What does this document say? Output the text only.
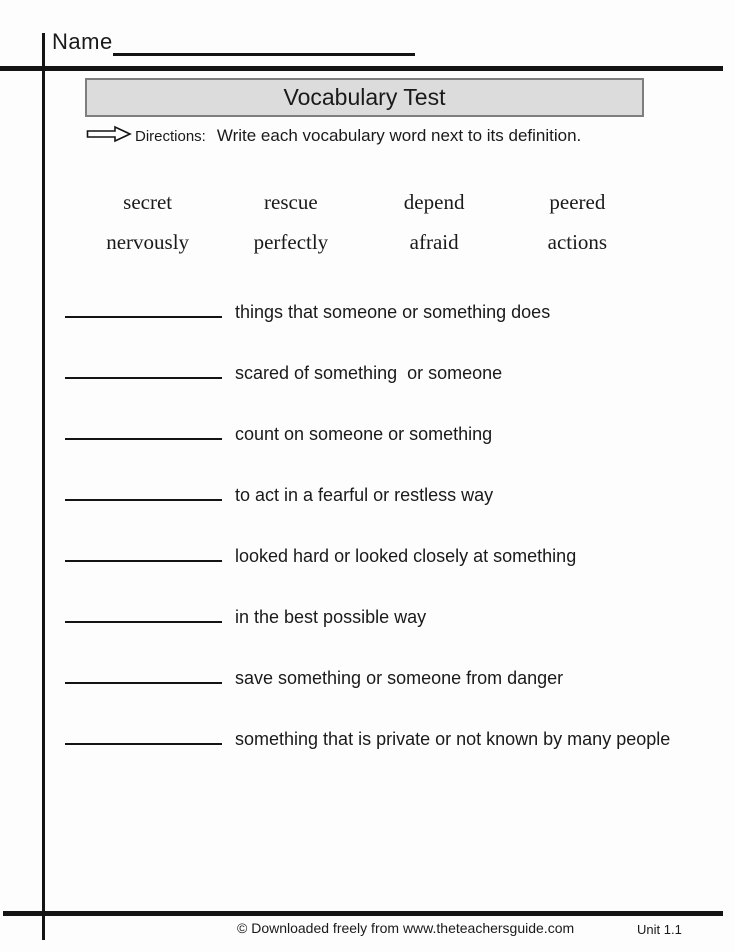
Name
Vocabulary Test
Directions: Write each vocabulary word next to its definition.
secret	rescue	depend	peered
nervously	perfectly	afraid	actions
things that someone or something does
scared of something  or someone
count on someone or something
to act in a fearful or restless way
looked hard or looked closely at something
in the best possible way
save something or someone from danger
something that is private or not known by many people
© Downloaded freely from www.theteachersguide.com	Unit 1.1
